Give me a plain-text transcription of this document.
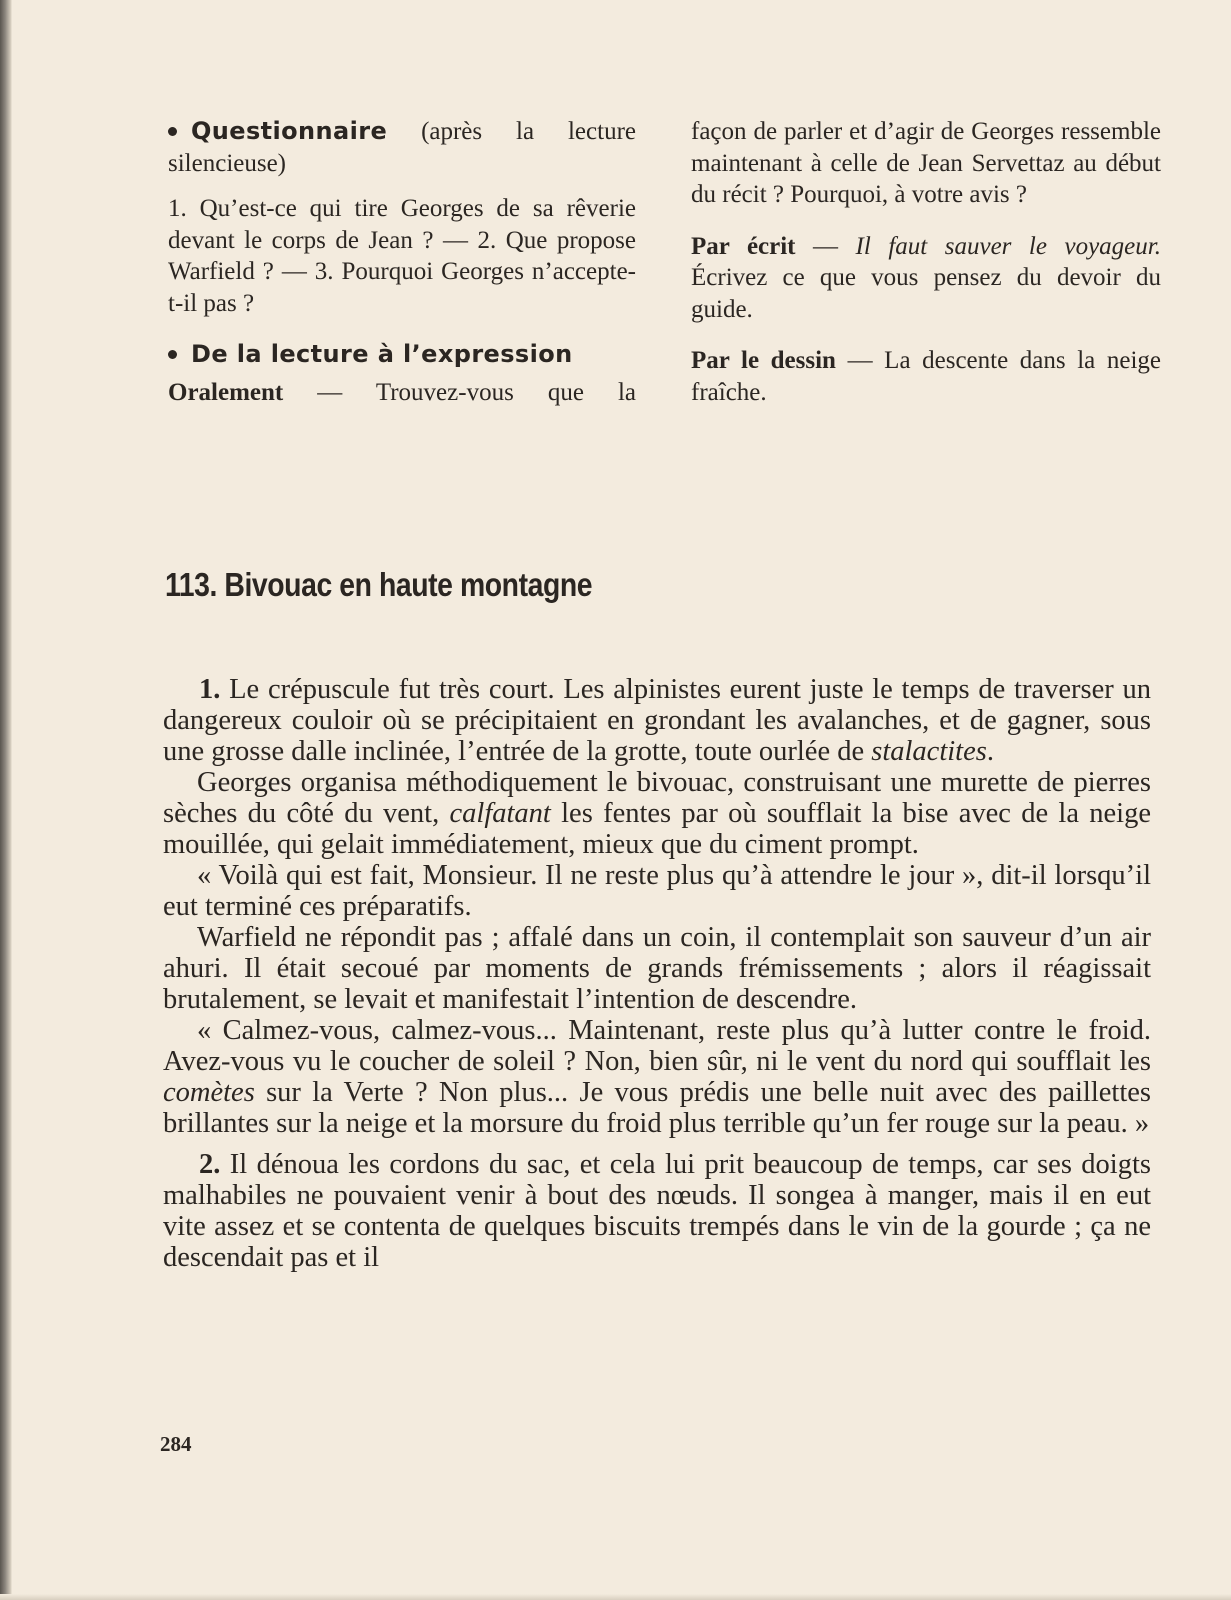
Questionnaire (après la lecture silencieuse)

1. Qu’est-ce qui tire Georges de sa rêverie devant le corps de Jean ? — 2. Que propose Warfield ? — 3. Pourquoi Georges n’accepte-t-il pas ?

De la lecture à l’expression

Oralement — Trouvez-vous que la

façon de parler et d’agir de Georges ressemble maintenant à celle de Jean Servettaz au début du récit ? Pourquoi, à votre avis ?

Par écrit — Il faut sauver le voyageur. Écrivez ce que vous pensez du devoir du guide.

Par le dessin — La descente dans la neige fraîche.

113. Bivouac en haute montagne

1. Le crépuscule fut très court. Les alpinistes eurent juste le temps de traverser un dangereux couloir où se précipitaient en grondant les avalanches, et de gagner, sous une grosse dalle inclinée, l’entrée de la grotte, toute ourlée de stalactites.

Georges organisa méthodiquement le bivouac, construisant une murette de pierres sèches du côté du vent, calfatant les fentes par où soufflait la bise avec de la neige mouillée, qui gelait immédiatement, mieux que du ciment prompt.

« Voilà qui est fait, Monsieur. Il ne reste plus qu’à attendre le jour », dit-il lorsqu’il eut terminé ces préparatifs.

Warfield ne répondit pas ; affalé dans un coin, il contemplait son sauveur d’un air ahuri. Il était secoué par moments de grands frémissements ; alors il réagissait brutalement, se levait et manifestait l’intention de descendre.

« Calmez-vous, calmez-vous... Maintenant, reste plus qu’à lutter contre le froid. Avez-vous vu le coucher de soleil ? Non, bien sûr, ni le vent du nord qui soufflait les comètes sur la Verte ? Non plus... Je vous prédis une belle nuit avec des paillettes brillantes sur la neige et la morsure du froid plus terrible qu’un fer rouge sur la peau. »

2. Il dénoua les cordons du sac, et cela lui prit beaucoup de temps, car ses doigts malhabiles ne pouvaient venir à bout des nœuds. Il songea à manger, mais il en eut vite assez et se contenta de quelques biscuits trempés dans le vin de la gourde ; ça ne descendait pas et il

284
